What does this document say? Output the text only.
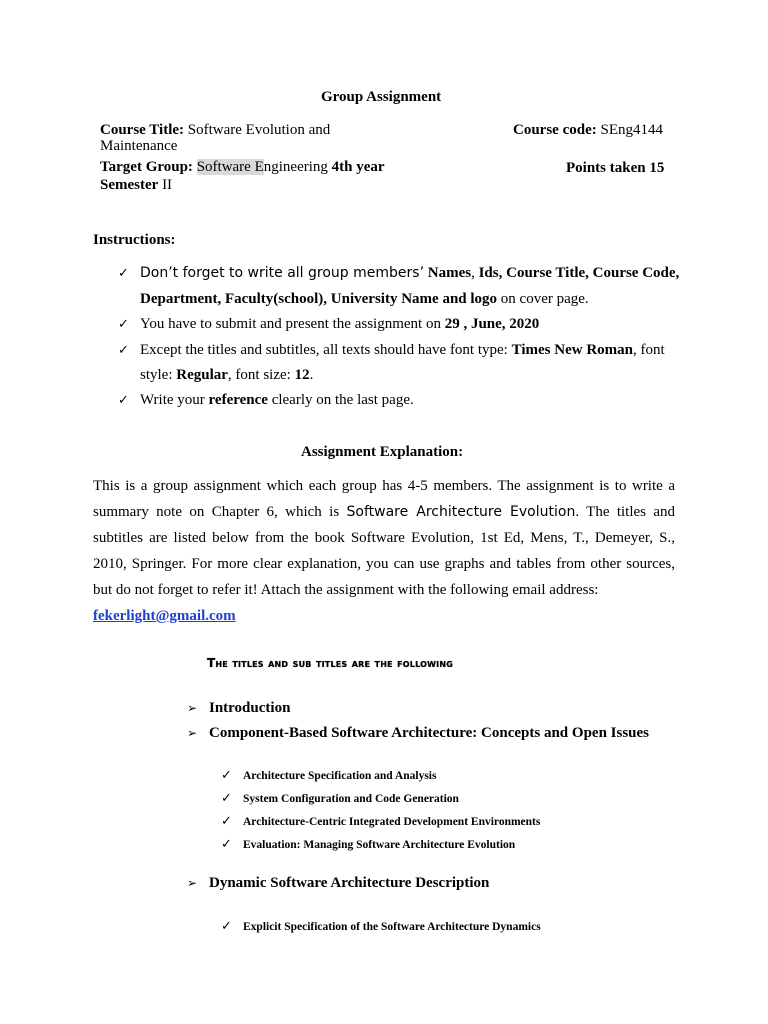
Group Assignment
Course Title: Software Evolution and
Maintenance
Course code: SEng4144
Target Group: Software Engineering 4th year
Semester II
Points taken 15
Instructions:
✓ Don’t forget to write all group members’ Names, Ids, Course Title, Course Code,
Department, Faculty(school), University Name and logo on cover page.
✓ You have to submit and present the assignment on 29 , June, 2020
✓ Except the titles and subtitles, all texts should have font type: Times New Roman, font
style: Regular, font size: 12.
✓ Write your reference clearly on the last page.
Assignment Explanation:
This is a group assignment which each group has 4-5 members. The assignment is to write a summary note on Chapter 6, which is Software Architecture Evolution. The titles and subtitles are listed below from the book Software Evolution, 1st Ed, Mens, T., Demeyer, S., 2010, Springer. For more clear explanation, you can use graphs and tables from other sources, but do not forget to refer it! Attach the assignment with the following email address:
fekerlight@gmail.com
The titles and sub titles are the following
➢ Introduction
➢ Component-Based Software Architecture: Concepts and Open Issues
✓ Architecture Specification and Analysis
✓ System Configuration and Code Generation
✓ Architecture-Centric Integrated Development Environments
✓ Evaluation: Managing Software Architecture Evolution
➢ Dynamic Software Architecture Description
✓ Explicit Specification of the Software Architecture Dynamics
